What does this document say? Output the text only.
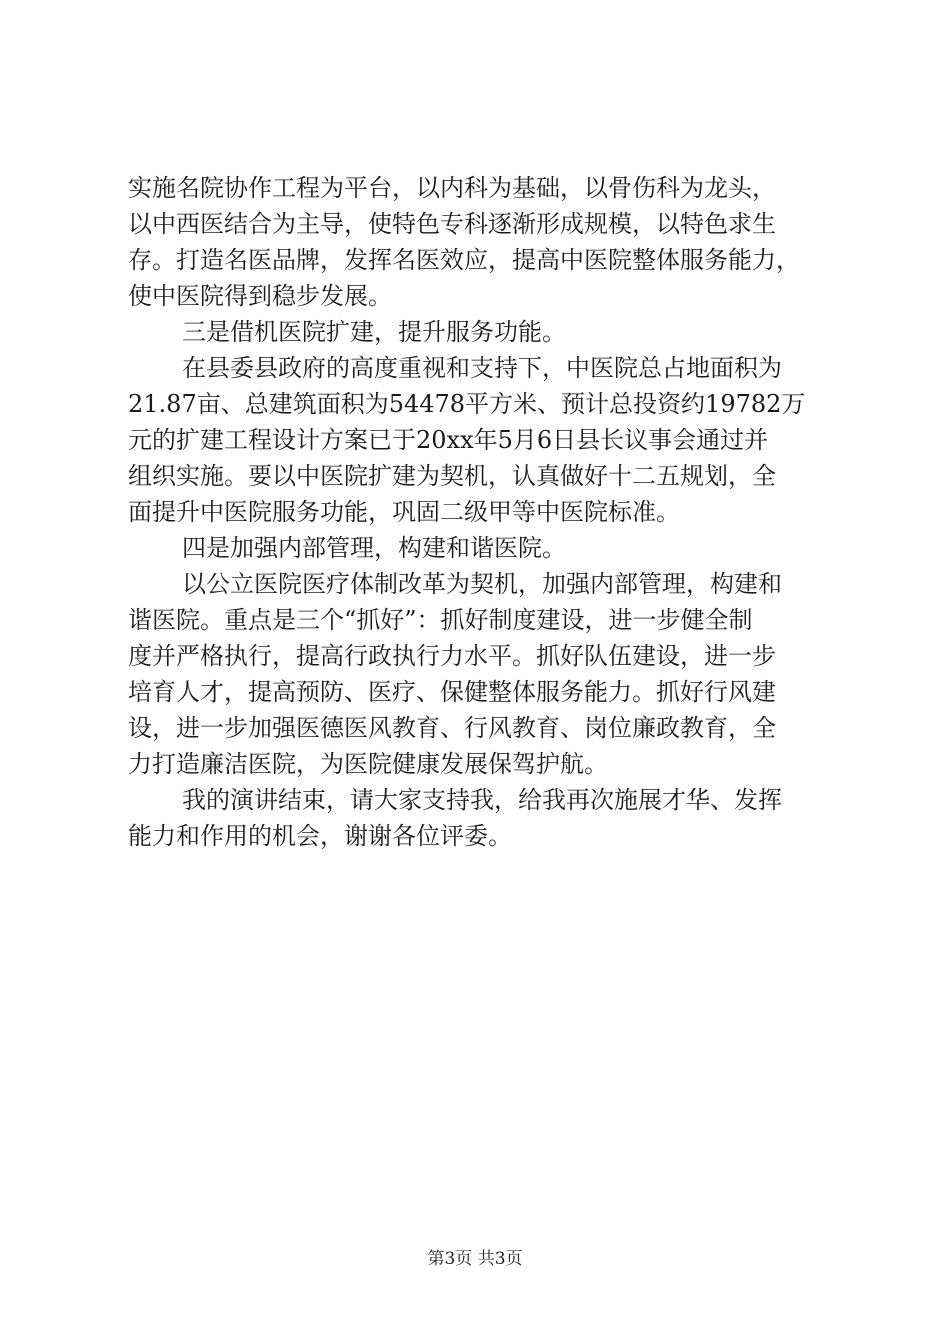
实施名院协作工程为平台，以内科为基础，以骨伤科为龙头，
以中西医结合为主导，使特色专科逐渐形成规模，以特色求生
存。打造名医品牌，发挥名医效应，提高中医院整体服务能力，
使中医院得到稳步发展。
三是借机医院扩建，提升服务功能。
在县委县政府的高度重视和支持下，中医院总占地面积为
21.87亩、总建筑面积为54478平方米、预计总投资约19782万
元的扩建工程设计方案已于20xx年5月6日县长议事会通过并
组织实施。要以中医院扩建为契机，认真做好十二五规划，全
面提升中医院服务功能，巩固二级甲等中医院标准。
四是加强内部管理，构建和谐医院。
以公立医院医疗体制改革为契机，加强内部管理，构建和
谐医院。重点是三个“抓好”：抓好制度建设，进一步健全制
度并严格执行，提高行政执行力水平。抓好队伍建设，进一步
培育人才，提高预防、医疗、保健整体服务能力。抓好行风建
设，进一步加强医德医风教育、行风教育、岗位廉政教育，全
力打造廉洁医院，为医院健康发展保驾护航。
我的演讲结束，请大家支持我，给我再次施展才华、发挥
能力和作用的机会，谢谢各位评委。
第3页 共3页
